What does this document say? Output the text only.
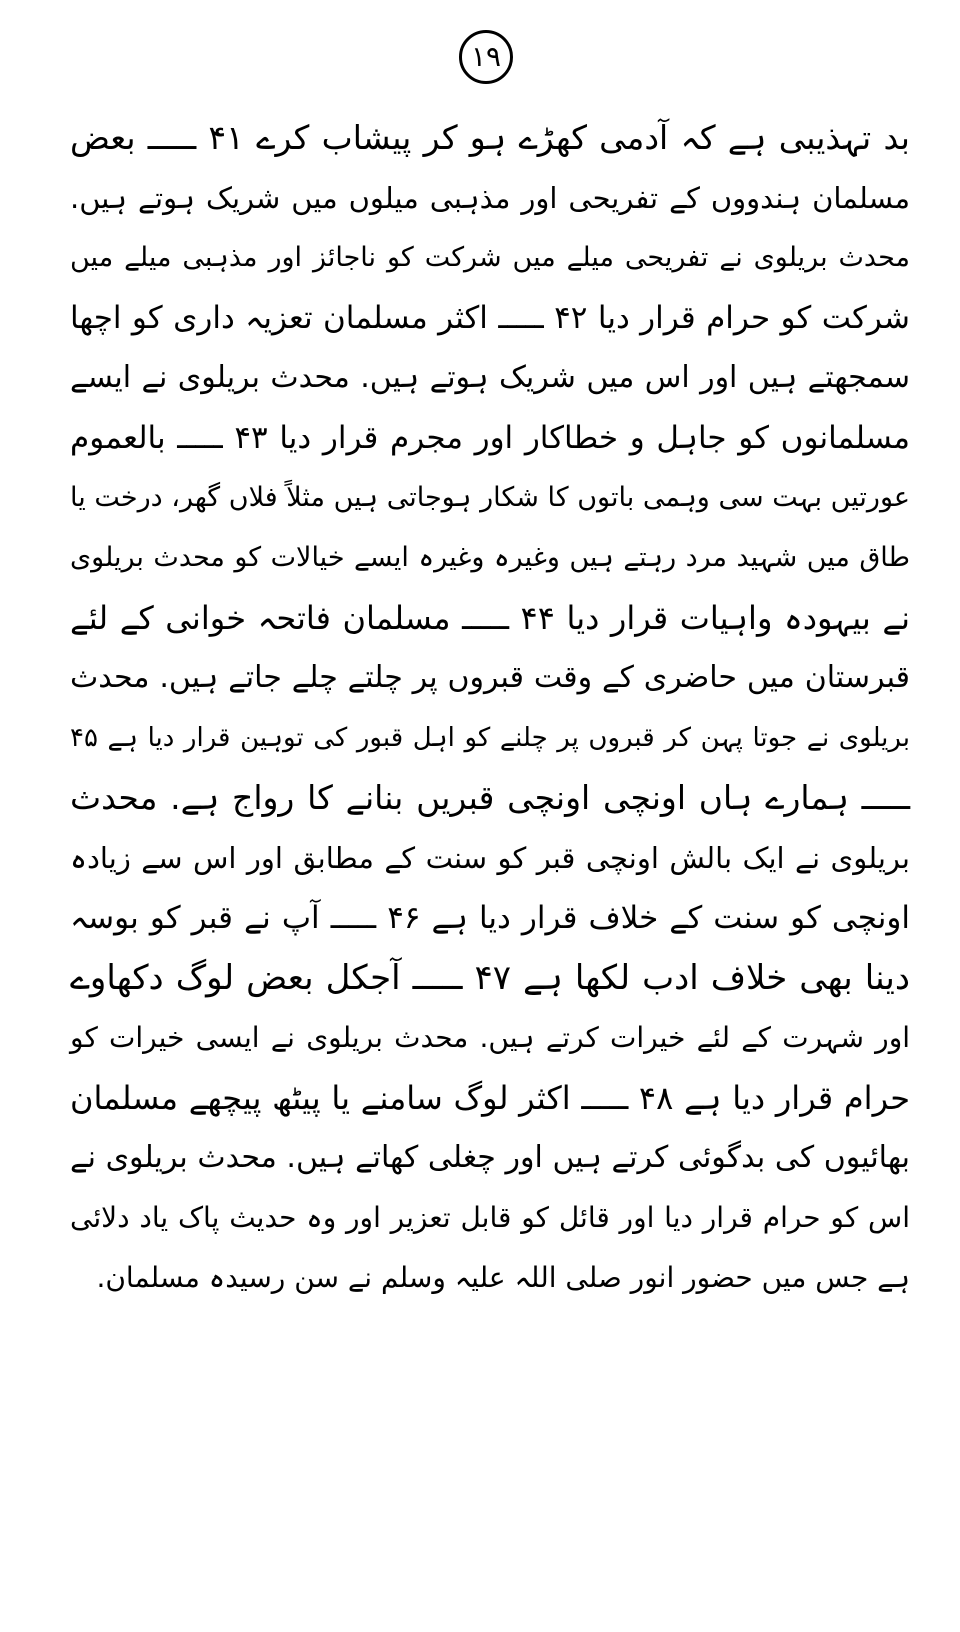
۱۹
بد تہذیبی ہے کہ آدمی کھڑے ہو کر پیشاب کرے ۴۱ ـــــ بعض
مسلمان ہندووں کے تفریحی اور مذہبی میلوں میں شریک ہوتے ہیں.
محدث بریلوی نے تفریحی میلے میں شرکت کو ناجائز اور مذہبی میلے میں
شرکت کو حرام قرار دیا ۴۲ ـــــ اکثر مسلمان تعزیہ داری کو اچھا
سمجھتے ہیں اور اس میں شریک ہوتے ہیں. محدث بریلوی نے ایسے
مسلمانوں کو جاہل و خطاکار اور مجرم قرار دیا ۴۳ ـــــ بالعموم
عورتیں بہت سی وہمی باتوں کا شکار ہوجاتی ہیں مثلاً فلاں گھر، درخت یا
طاق میں شہید مرد رہتے ہیں وغیرہ وغیرہ ایسے خیالات کو محدث بریلوی
نے بیہودہ واہیات قرار دیا ۴۴ ـــــ مسلمان فاتحہ خوانی کے لئے
قبرستان میں حاضری کے وقت قبروں پر چلتے چلے جاتے ہیں. محدث
بریلوی نے جوتا پہن کر قبروں پر چلنے کو اہل قبور کی توہین قرار دیا ہے ۴۵
ـــــ ہمارے ہاں اونچی اونچی قبریں بنانے کا رواج ہے. محدث
بریلوی نے ایک بالش اونچی قبر کو سنت کے مطابق اور اس سے زیادہ
اونچی کو سنت کے خلاف قرار دیا ہے ۴۶ ـــــ آپ نے قبر کو بوسہ
دینا بھی خلاف ادب لکھا ہے ۴۷ ـــــ آجکل بعض لوگ دکھاوے
اور شہرت کے لئے خیرات کرتے ہیں. محدث بریلوی نے ایسی خیرات کو
حرام قرار دیا ہے ۴۸ ـــــ اکثر لوگ سامنے یا پیٹھ پیچھے مسلمان
بھائیوں کی بدگوئی کرتے ہیں اور چغلی کھاتے ہیں. محدث بریلوی نے
اس کو حرام قرار دیا اور قائل کو قابل تعزیر اور وہ حدیث پاک یاد دلائی
ہے جس میں حضور انور صلی اللہ علیہ وسلم نے سن رسیدہ مسلمان.
